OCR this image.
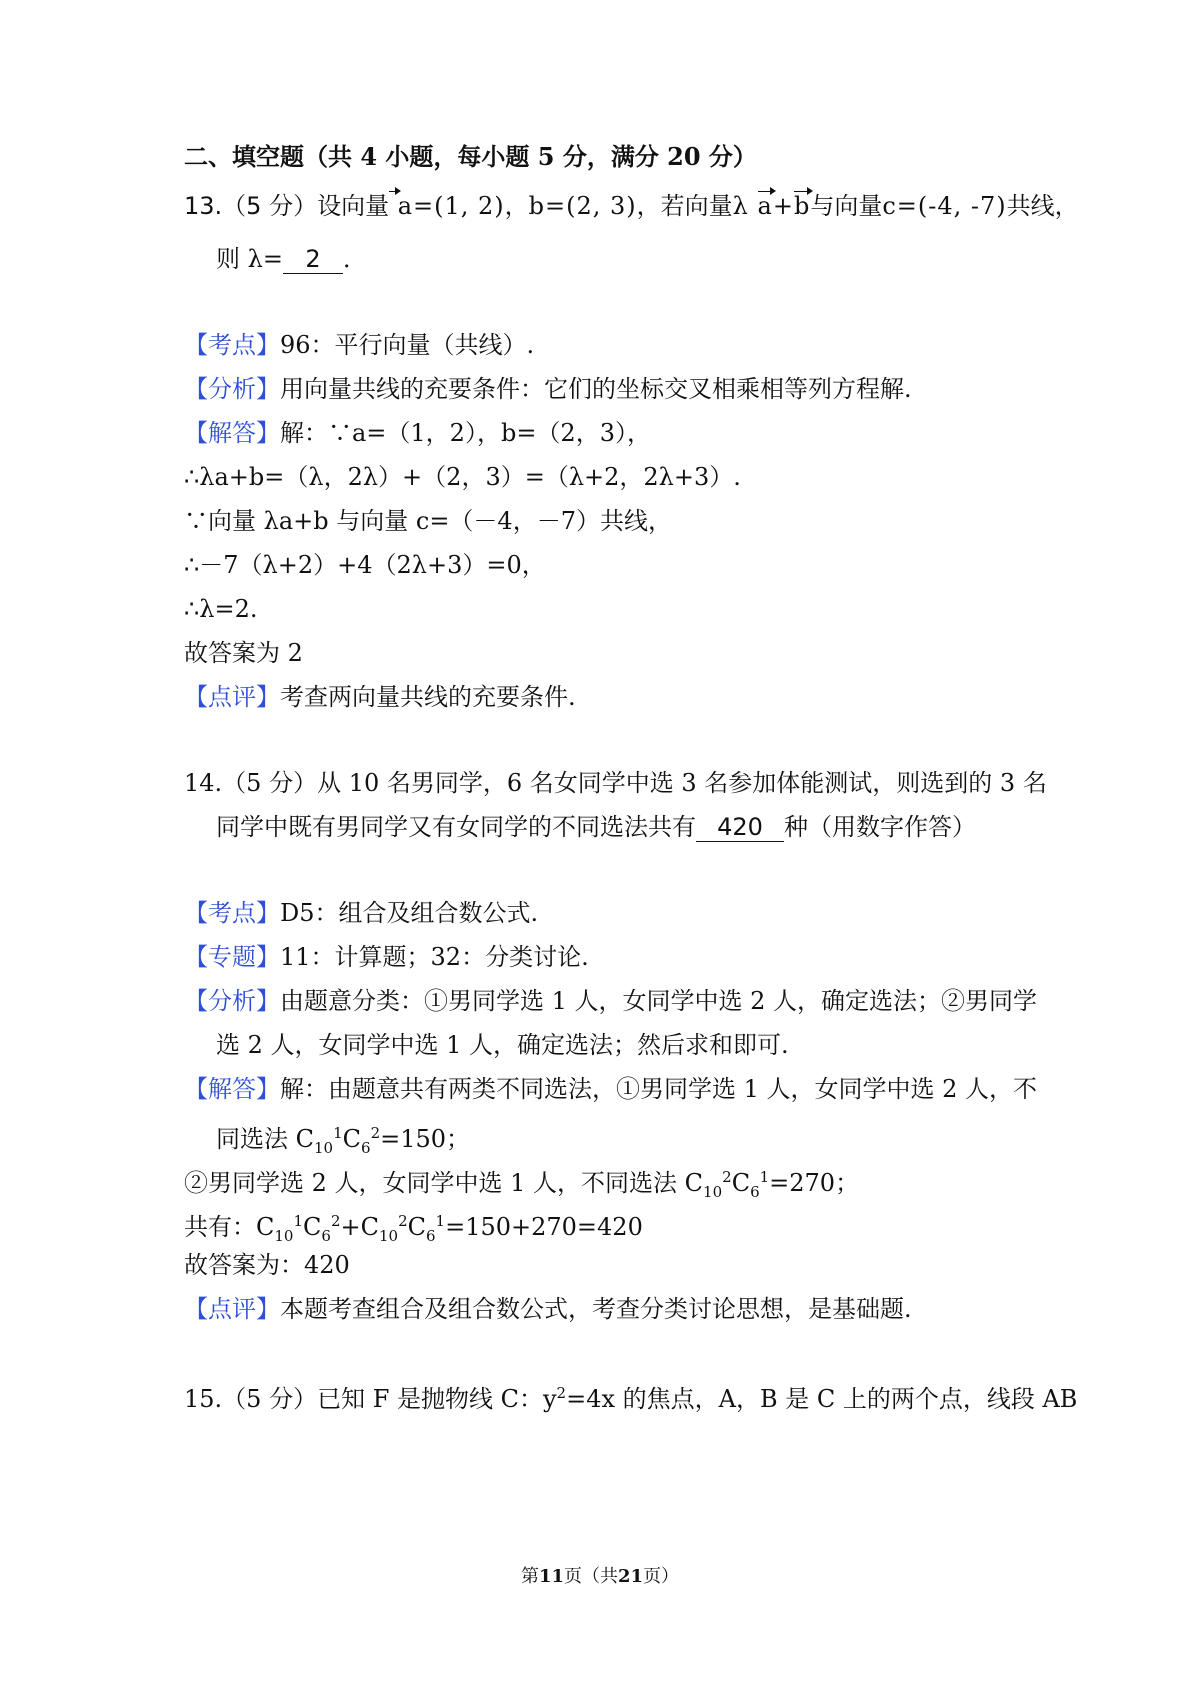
二、填空题（共 4 小题，每小题 5 分，满分 20 分）
13.（5 分）设向量 a=(1, 2)，b=(2, 3)，若向量λ a+b与向量c=(-4, -7)共线，
则 λ= 2 ．
【考点】96：平行向量（共线）.
【分析】用向量共线的充要条件：它们的坐标交叉相乘相等列方程解.
【解答】解：∵a=（1，2），b=（2，3），
∴λa+b=（λ，2λ）+（2，3）=（λ+2，2λ+3）.
∵向量 λa+b 与向量 c=（－4，－7）共线，
∴－7（λ+2）+4（2λ+3）=0，
∴λ=2.
故答案为 2
【点评】考查两向量共线的充要条件.
14.（5 分）从 10 名男同学，6 名女同学中选 3 名参加体能测试，则选到的 3 名
同学中既有男同学又有女同学的不同选法共有 420 种（用数字作答）
【考点】D5：组合及组合数公式.
【专题】11：计算题；32：分类讨论.
【分析】由题意分类：①男同学选 1 人，女同学中选 2 人，确定选法；②男同学
选 2 人，女同学中选 1 人，确定选法；然后求和即可.
【解答】解：由题意共有两类不同选法，①男同学选 1 人，女同学中选 2 人，不
同选法 $C_{10}^1C_6^2=150$；
②男同学选 2 人，女同学中选 1 人，不同选法 $C_{10}^2C_6^1=270$；
共有：$C_{10}^1C_6^2+C_{10}^2C_6^1=150+270=420$
故答案为：420
【点评】本题考查组合及组合数公式，考查分类讨论思想，是基础题.
15.（5 分）已知 F 是抛物线 C：$y^2=4x$ 的焦点，A，B 是 C 上的两个点，线段 AB
第11页（共21页）
